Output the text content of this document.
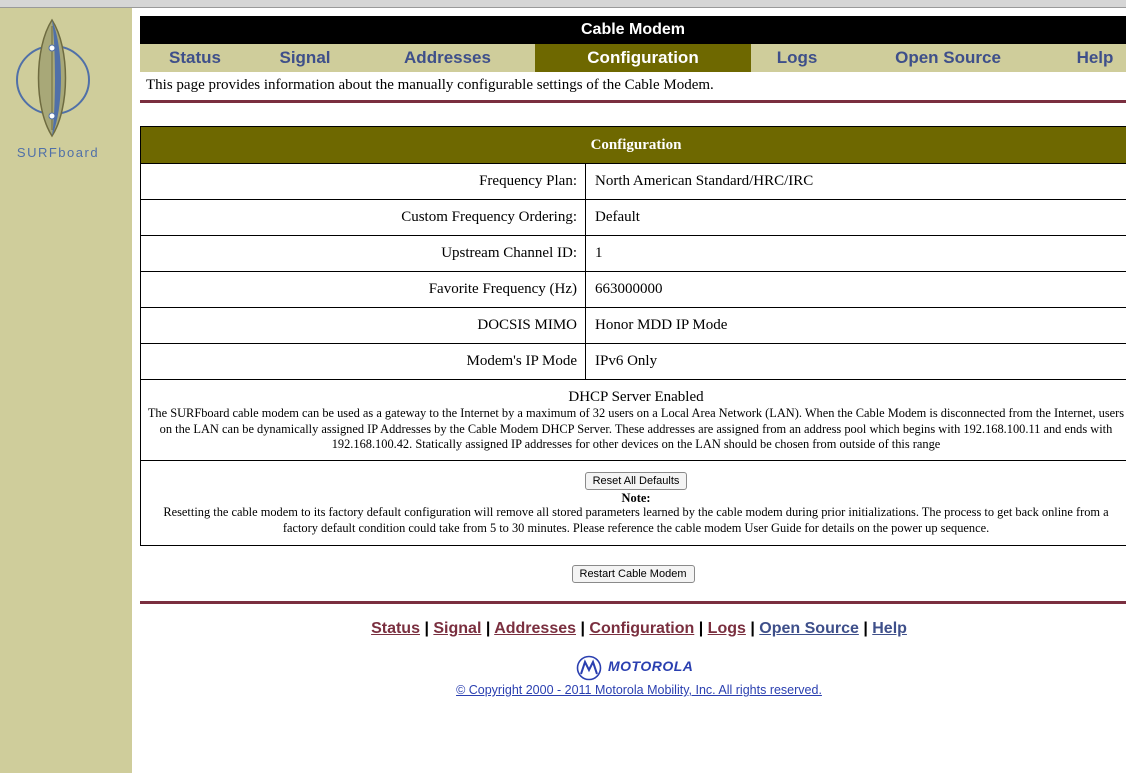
SURFboard
Cable Modem
Status	Signal	Addresses	Configuration	Logs	Open Source	Help
This page provides information about the manually configurable settings of the Cable Modem.
Configuration
Frequency Plan:	North American Standard/HRC/IRC
Custom Frequency Ordering:	Default
Upstream Channel ID:	1
Favorite Frequency (Hz)	663000000
DOCSIS MIMO	Honor MDD IP Mode
Modem's IP Mode	IPv6 Only
DHCP Server Enabled
The SURFboard cable modem can be used as a gateway to the Internet by a maximum of 32 users on a Local Area Network (LAN). When the Cable Modem is disconnected from the Internet, users on the LAN can be dynamically assigned IP Addresses by the Cable Modem DHCP Server. These addresses are assigned from an address pool which begins with 192.168.100.11 and ends with 192.168.100.42. Statically assigned IP addresses for other devices on the LAN should be chosen from outside of this range
Reset All Defaults
Note:
Resetting the cable modem to its factory default configuration will remove all stored parameters learned by the cable modem during prior initializations. The process to get back online from a factory default condition could take from 5 to 30 minutes. Please reference the cable modem User Guide for details on the power up sequence.
Restart Cable Modem
Status | Signal | Addresses | Configuration | Logs | Open Source | Help
MOTOROLA
© Copyright 2000 - 2011 Motorola Mobility, Inc. All rights reserved.
